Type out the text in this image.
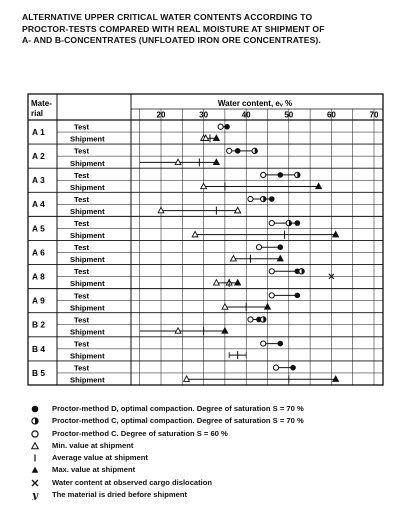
ALTERNATIVE UPPER CRITICAL WATER CONTENTS ACCORDING TO
PROCTOR-TESTS COMPARED WITH REAL MOISTURE AT SHIPMENT OF
A- AND B-CONCENTRATES (UNFLOATED IRON ORE CONCENTRATES).
Mate-
rial
Water content, eᵥ %
20	30	40	50	60	70
A 1	Test
Shipment
A 2	Test
Shipment
A 3	Test
Shipment
A 4	Test
Shipment
A 5	Test
Shipment
A 6	Test
Shipment
A 8	Test
Shipment
A 9	Test
Shipment
B 2	Test
Shipment
B 4	Test
Shipment
B 5	Test
Shipment
Proctor-method D, optimal compaction. Degree of saturation S = 70 %
Proctor-method C, optimal compaction. Degree of saturation S = 70 %
Proctor-method C. Degree of saturation S = 60 %
Min. value at shipment
Average value at shipment
Max. value at shipment
Water content at observed cargo dislocation
y The material is dried before shipment
